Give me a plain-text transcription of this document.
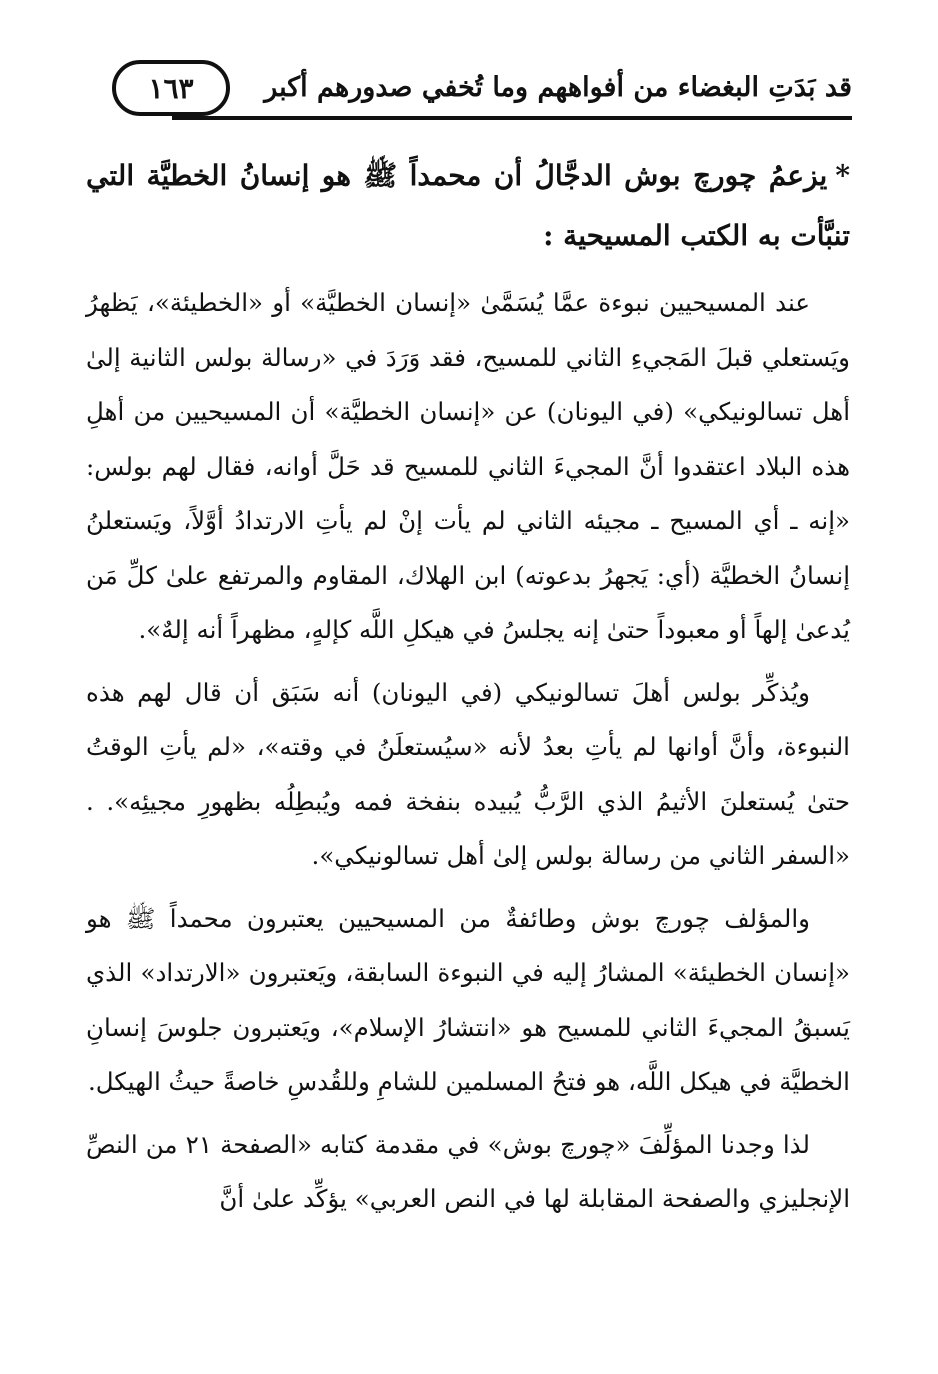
قد بَدَتِ البغضاء من أفواههم وما تُخفي صدورهم أكبر
١٦٣

*يزعمُ چورچ بوش الدجَّالُ أن محمداً ﷺ هو إنسانُ الخطيَّة التي تنبَّأت به الكتب المسيحية :

عند المسيحيين نبوءة عمَّا يُسَمَّىٰ «إنسان الخطيَّة» أو «الخطيئة»، يَظهرُ ويَستعلي قبلَ المَجيءِ الثاني للمسيح، فقد وَرَدَ في «رسالة بولس الثانية إلىٰ أهل تسالونيكي» (في اليونان) عن «إنسان الخطيَّة» أن المسيحيين من أهلِ هذه البلاد اعتقدوا أنَّ المجيءَ الثاني للمسيح قد حَلَّ أوانه، فقال لهم بولس: «إنه ـ أي المسيح ـ مجيئه الثاني لم يأت إنْ لم يأتِ الارتدادُ أوَّلاً، ويَستعلنُ إنسانُ الخطيَّة (أي: يَجهرُ بدعوته) ابن الهلاك، المقاوم والمرتفع علىٰ كلِّ مَن يُدعىٰ إلهاً أو معبوداً حتىٰ إنه يجلسُ في هيكلِ اللَّه كإلهٍ، مظهراً أنه إلهٌ».

ويُذكِّر بولس أهلَ تسالونيكي (في اليونان) أنه سَبَق أن قال لهم هذه النبوءة، وأنَّ أوانها لم يأتِ بعدُ لأنه «سيُستعلَنُ في وقته»، «لم يأتِ الوقتُ حتىٰ يُستعلنَ الأثيمُ الذي الرَّبُّ يُبيده بنفخة فمه ويُبطِلُه بظهورِ مجيئِه». . «السفر الثاني من رسالة بولس إلىٰ أهل تسالونيكي».

والمؤلف چورچ بوش وطائفةٌ من المسيحيين يعتبرون محمداً ﷺ هو «إنسان الخطيئة» المشارُ إليه في النبوءة السابقة، ويَعتبرون «الارتداد» الذي يَسبقُ المجيءَ الثاني للمسيح هو «انتشارُ الإسلام»، ويَعتبرون جلوسَ إنسانِ الخطيَّة في هيكل اللَّه، هو فتحُ المسلمين للشامِ وللقُدسِ خاصةً حيثُ الهيكل.

لذا وجدنا المؤلِّفَ «چورچ بوش» في مقدمة كتابه «الصفحة ٢١ من النصِّ الإنجليزي والصفحة المقابلة لها في النص العربي» يؤكِّد علىٰ أنَّ
